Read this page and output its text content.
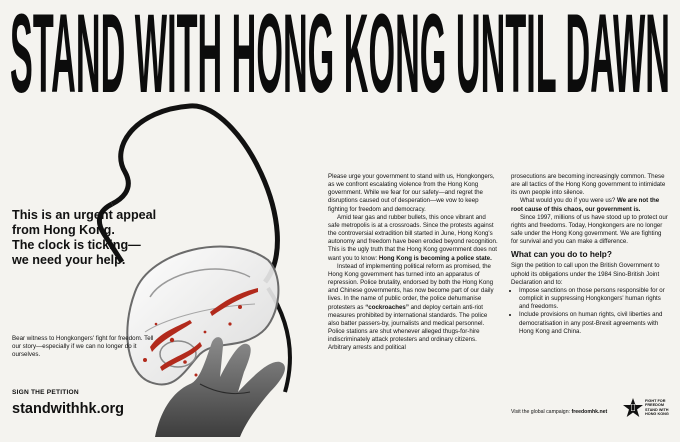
STAND WITH HONG KONG UNTIL DAWN
This is an urgent appeal
from Hong Kong.
The clock is ticking—
we need your help.
Bear witness to Hongkongers' fight for freedom. Tell our story—especially if we can no longer do it ourselves.
SIGN THE PETITION
standwithhk.org

Please urge your government to stand with us, Hongkongers, as we confront escalating violence from the Hong Kong government. While we fear for our safety—and regret the disruptions caused out of desperation—we vow to keep fighting for freedom and democracy.

Amid tear gas and rubber bullets, this once vibrant and safe metropolis is at a crossroads. Since the protests against the controversial extradition bill started in June, Hong Kong's autonomy and freedom have been eroded beyond recognition. This is the ugly truth that the Hong Kong government does not want you to know: Hong Kong is becoming a police state.

Instead of implementing political reform as promised, the Hong Kong government has turned into an apparatus of repression. Police brutality, endorsed by both the Hong Kong and Chinese governments, has now become part of our daily lives. In the name of public order, the police dehumanise protesters as “cockroaches” and deploy certain anti-riot measures prohibited by international standards. The police also batter passers-by, journalists and medical personnel. Police stations are shut whenever alleged thugs-for-hire indiscriminately attack protesters and ordinary citizens. Arbitrary arrests and political

prosecutions are becoming increasingly common. These are all tactics of the Hong Kong government to intimidate its own people into silence.

What would you do if you were us? We are not the root cause of this chaos, our government is.

Since 1997, millions of us have stood up to protect our rights and freedoms. Today, Hongkongers are no longer safe under the Hong Kong government. We are fighting for survival and you can make a difference.

What can you do to help?

Sign the petition to call upon the British Government to uphold its obligations under the 1984 Sino-British Joint Declaration and to:

• Impose sanctions on those persons responsible for or complicit in suppressing Hongkongers' human rights and freedoms.
• Include provisions on human rights, civil liberties and democratisation in any post-Brexit agreements with Hong Kong and China.
Visit the global campaign: freedomhk.net
FIGHT FOR
FREEDOM
STAND WITH
HONG KONG
